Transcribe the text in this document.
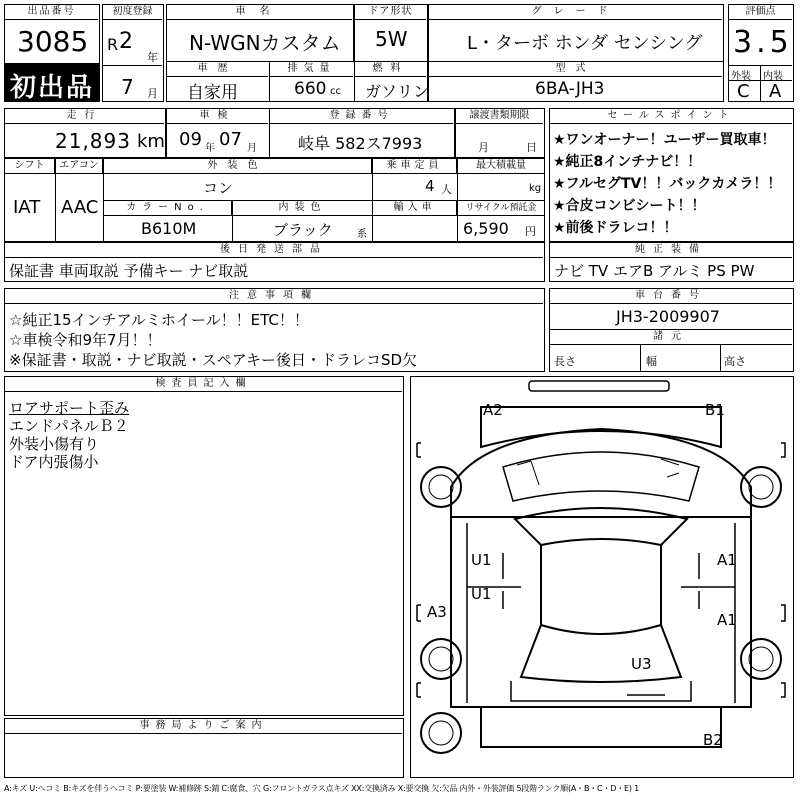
出品番号
3085
初出品
初度登録
R 2
年
7 月
車名
N-WGNカスタム
ドア形状
5W
グレード
L・ターボ ホンダ センシング
評価点
3.5
外装 内装
C A
車歴
自家用
排気量
660 cc
燃料
ガソリン
型式
6BA-JH3
走行
21,893 km
車検
09 年 07 月
登録番号
岐阜 582ス7993
譲渡書類期限
月	日
セールスポイント
★ワンオーナー！ユーザー買取車！
★純正8インチナビ！！
★フルセグTV！！バックカメラ！！
★合皮コンビシート！！
★前後ドラレコ！！
シフト
IAT
エアコン
AAC
外装色
コン
乗車定員
4 人
最大積載量
kg
カラーNo.
B610M
内装色
ブラック 系
輸入車	リサイクル預託金
6,590 円
後日発送部品
保証書 車両取説 予備キー ナビ取説
純正装備
ナビ TV エアB アルミ PS PW
注意事項欄
☆純正15インチアルミホイール！！ETC！！
☆車検令和9年7月！！
※保証書・取説・ナビ取説・スペアキー後日・ドラレコSD欠
車台番号
JH3-2009907
諸元
長さ	幅	高さ
検査員記入欄
ロアサポート歪み
エンドパネルＢ２
外装小傷有り
ドア内張傷小
事務局よりご案内
A2	B1
U1	A1
U1
A1
A3
U3
B2
A:キズ U:ヘコミ B:キズを伴うヘコミ P:要塗装 W:補修跡 S:錆 C:腐食、穴 G:フロントガラス点キズ XX:交換済み X:要交換 欠:欠品 内外・外装評価 5段階ランク順(A・B・C・D・E) 1
